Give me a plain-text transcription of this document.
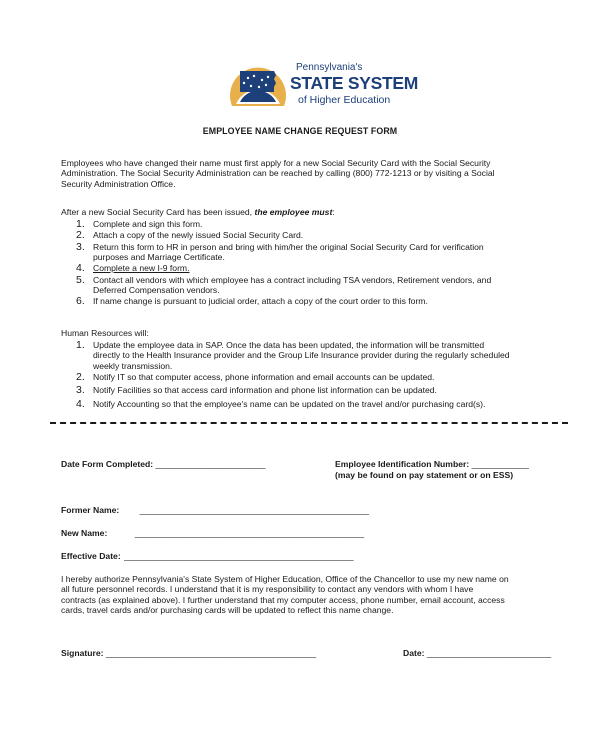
Pennsylvania's
STATE SYSTEM
of Higher Education
EMPLOYEE NAME CHANGE REQUEST FORM
Employees who have changed their name must first apply for a new Social Security Card with the Social Security
Administration. The Social Security Administration can be reached by calling (800) 772-1213 or by visiting a Social
Security Administration Office.
After a new Social Security Card has been issued, the employee must:
1. Complete and sign this form.
2. Attach a copy of the newly issued Social Security Card.
3. Return this form to HR in person and bring with him/her the original Social Security Card for verification
purposes and Marriage Certificate.
4. Complete a new I-9 form.
5. Contact all vendors with which employee has a contract including TSA vendors, Retirement vendors, and
Deferred Compensation vendors.
6. If name change is pursuant to judicial order, attach a copy of the court order to this form.
Human Resources will:
1. Update the employee data in SAP. Once the data has been updated, the information will be transmitted
directly to the Health Insurance provider and the Group Life Insurance provider during the regularly scheduled
weekly transmission.
2. Notify IT so that computer access, phone information and email accounts can be updated.
3. Notify Facilities so that access card information and phone list information can be updated.
4. Notify Accounting so that the employee's name can be updated on the travel and/or purchasing card(s).
Date Form Completed: _______________________	Employee Identification Number: ____________
(may be found on pay statement or on ESS)
Former Name: ________________________________________________
New Name:	________________________________________________
Effective Date: ________________________________________________
I hereby authorize Pennsylvania's State System of Higher Education, Office of the Chancellor to use my new name on
all future personnel records. I understand that it is my responsibility to contact any vendors with whom I have
contracts (as explained above). I further understand that my computer access, phone number, email account, access
cards, travel cards and/or purchasing cards will be updated to reflect this name change.
Signature: ____________________________________________	Date: __________________________
